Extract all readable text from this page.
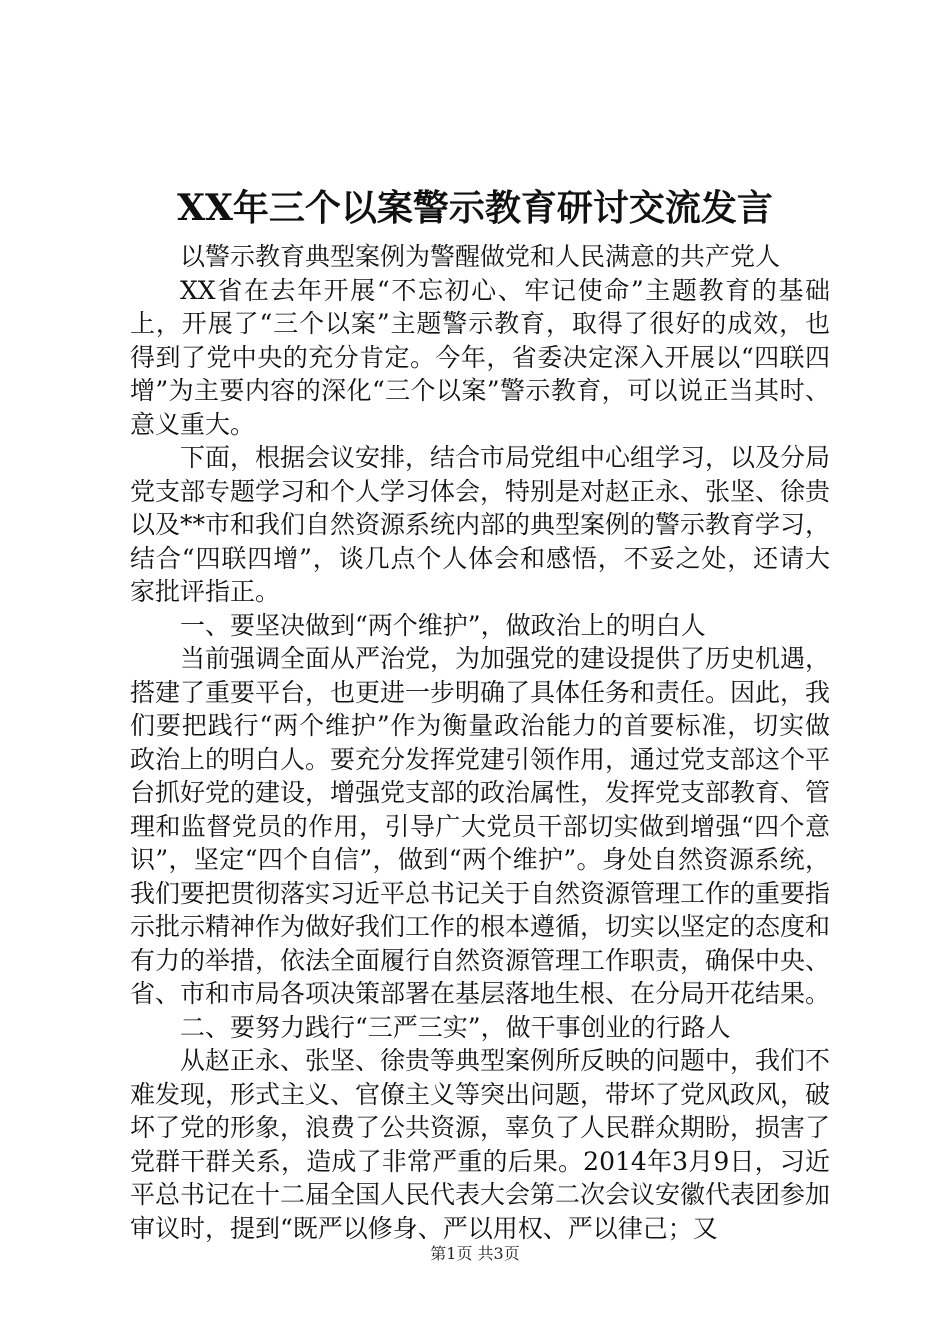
XX年三个以案警示教育研讨交流发言

以警示教育典型案例为警醒做党和人民满意的共产党人

XX省在去年开展“不忘初心、牢记使命”主题教育的基础上，开展了“三个以案”主题警示教育，取得了很好的成效，也得到了党中央的充分肯定。今年，省委决定深入开展以“四联四增”为主要内容的深化“三个以案”警示教育，可以说正当其时、意义重大。

下面，根据会议安排，结合市局党组中心组学习，以及分局党支部专题学习和个人学习体会，特别是对赵正永、张坚、徐贵以及**市和我们自然资源系统内部的典型案例的警示教育学习，结合“四联四增”，谈几点个人体会和感悟，不妥之处，还请大家批评指正。

一、要坚决做到“两个维护”，做政治上的明白人

当前强调全面从严治党，为加强党的建设提供了历史机遇，搭建了重要平台，也更进一步明确了具体任务和责任。因此，我们要把践行“两个维护”作为衡量政治能力的首要标准，切实做政治上的明白人。要充分发挥党建引领作用，通过党支部这个平台抓好党的建设，增强党支部的政治属性，发挥党支部教育、管理和监督党员的作用，引导广大党员干部切实做到增强“四个意识”，坚定“四个自信”，做到“两个维护”。身处自然资源系统，我们要把贯彻落实习近平总书记关于自然资源管理工作的重要指示批示精神作为做好我们工作的根本遵循，切实以坚定的态度和有力的举措，依法全面履行自然资源管理工作职责，确保中央、省、市和市局各项决策部署在基层落地生根、在分局开花结果。

二、要努力践行“三严三实”，做干事创业的行路人

从赵正永、张坚、徐贵等典型案例所反映的问题中，我们不难发现，形式主义、官僚主义等突出问题，带坏了党风政风，破坏了党的形象，浪费了公共资源，辜负了人民群众期盼，损害了党群干群关系，造成了非常严重的后果。2014年3月9日，习近平总书记在十二届全国人民代表大会第二次会议安徽代表团参加审议时，提到“既严以修身、严以用权、严以律己；又

第1页 共3页
